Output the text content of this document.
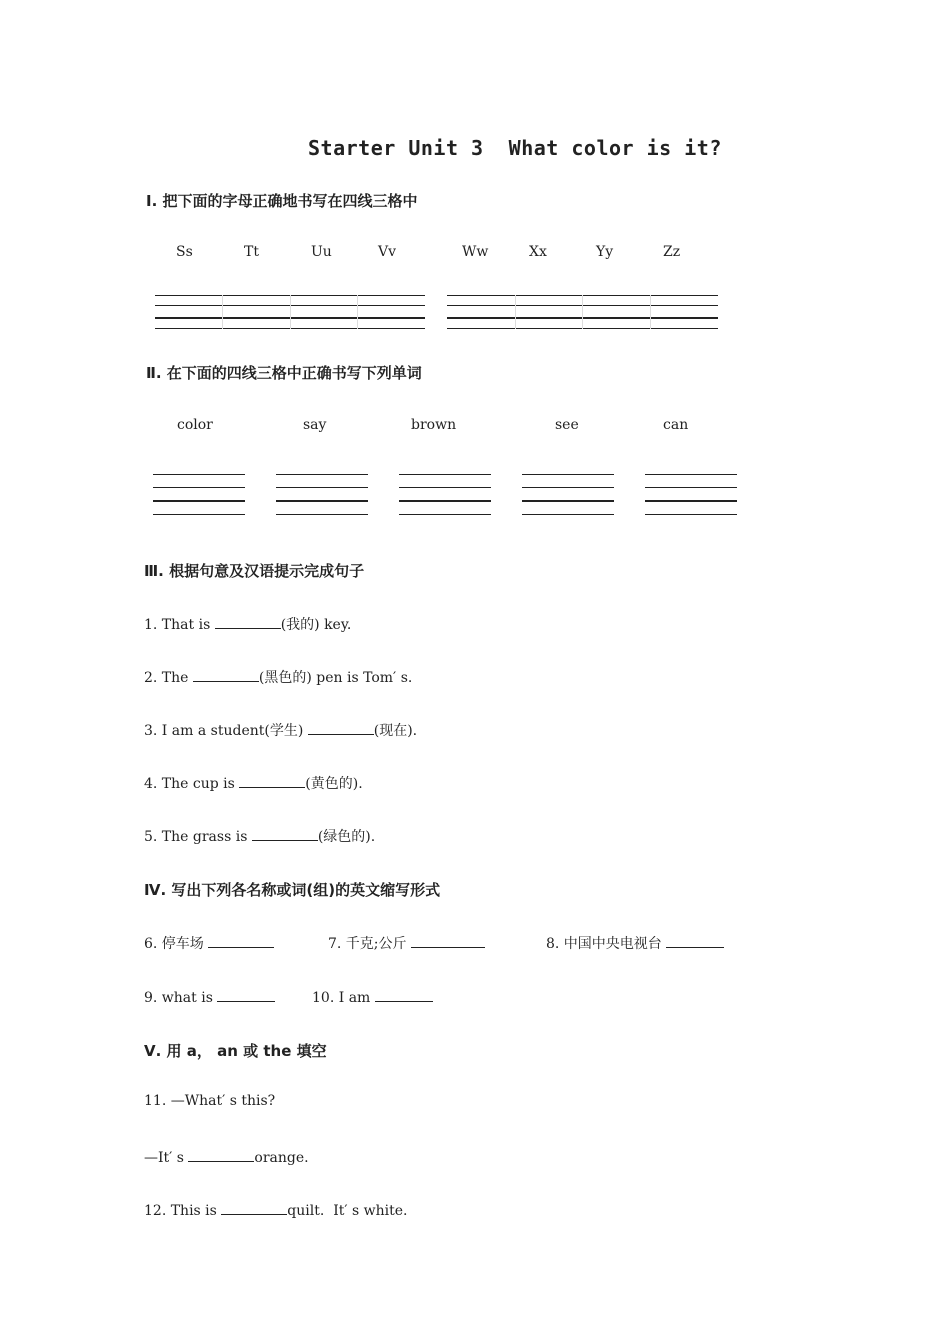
Starter Unit 3  What color is it?
Ⅰ. 把下面的字母正确地书写在四线三格中
Ss	Tt	Uu	Vv	Ww	Xx	Yy	Zz
Ⅱ. 在下面的四线三格中正确书写下列单词
color	say	brown	see	can
Ⅲ. 根据句意及汉语提示完成句子
1. That is	(我的) key.
2. The	(黑色的) pen is Tom′ s.
3. I am a student(学生)	(现在).
4. The cup is	(黄色的).
5. The grass is	(绿色的).
Ⅳ. 写出下列各名称或词(组)的英文缩写形式
6. 停车场	7. 千克;公斤	8. 中国中央电视台
9. what is	10. I am
Ⅴ. 用 a， an 或 the 填空
11. —What′ s this?
—It′ s	orange.
12. This is	quilt.  It′ s white.
